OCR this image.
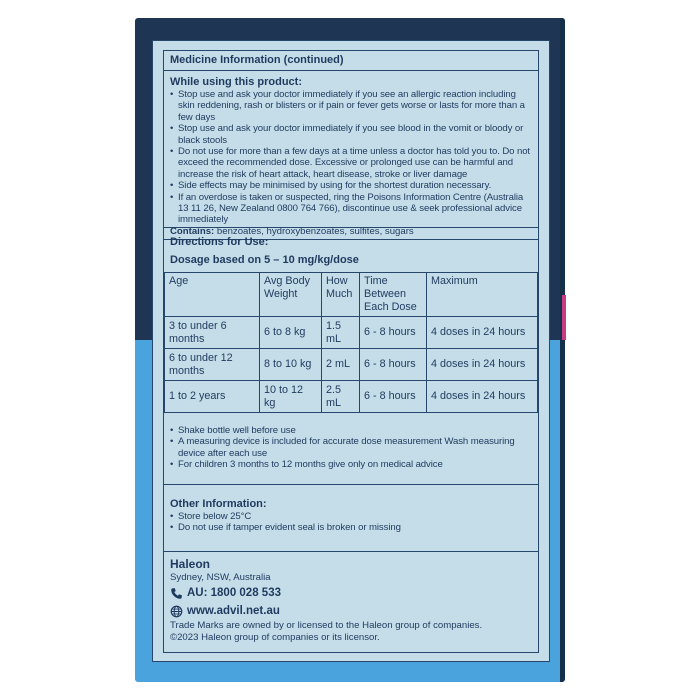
Medicine Information (continued)
While using this product:
• Stop use and ask your doctor immediately if you see an allergic reaction including skin reddening, rash or blisters or if pain or fever gets worse or lasts for more than a few days
• Stop use and ask your doctor immediately if you see blood in the vomit or bloody or black stools
• Do not use for more than a few days at a time unless a doctor has told you to. Do not exceed the recommended dose. Excessive or prolonged use can be harmful and increase the risk of heart attack, heart disease, stroke or liver damage
• Side effects may be minimised by using for the shortest duration necessary.
• If an overdose is taken or suspected, ring the Poisons Information Centre (Australia 13 11 26, New Zealand 0800 764 766), discontinue use & seek professional advice immediately
Contains: benzoates, hydroxybenzoates, sulfites, sugars
Directions for Use:
Dosage based on 5 – 10 mg/kg/dose
Age	Avg Body Weight	How Much	Time Between Each Dose	Maximum
3 to under 6 months	6 to 8 kg	1.5 mL	6 - 8 hours	4 doses in 24 hours
6 to under 12 months	8 to 10 kg	2 mL	6 - 8 hours	4 doses in 24 hours
1 to 2 years	10 to 12 kg	2.5 mL	6 - 8 hours	4 doses in 24 hours
• Shake bottle well before use
• A measuring device is included for accurate dose measurement Wash measuring device after each use
• For children 3 months to 12 months give only on medical advice
Other Information:
• Store below 25°C
• Do not use if tamper evident seal is broken or missing
Haleon
Sydney, NSW, Australia
AU: 1800 028 533
www.advil.net.au
Trade Marks are owned by or licensed to the Haleon group of companies.
©2023 Haleon group of companies or its licensor.
